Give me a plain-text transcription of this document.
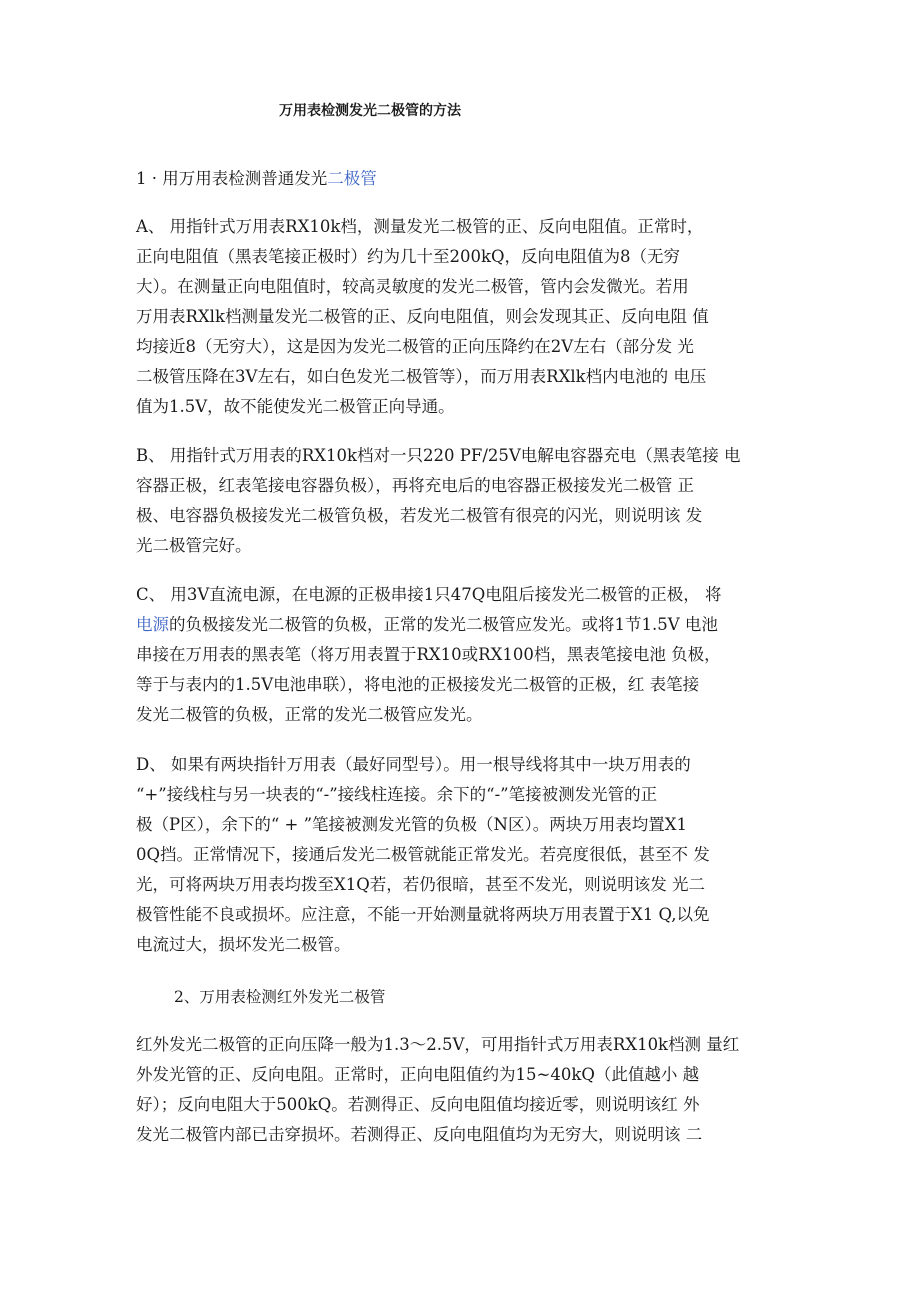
万用表检测发光二极管的方法
1 · 用万用表检测普通发光二极管
A、 用指针式万用表RX10k档，测量发光二极管的正、反向电阻值。正常时，
正向电阻值（黑表笔接正极时）约为几十至200kQ，反向电阻值为8（无穷
大）。在测量正向电阻值时，较高灵敏度的发光二极管，管内会发微光。若用
万用表RXlk档测量发光二极管的正、反向电阻值，则会发现其正、反向电阻 值
均接近8（无穷大），这是因为发光二极管的正向压降约在2V左右（部分发 光
二极管压降在3V左右，如白色发光二极管等），而万用表RXlk档内电池的 电压
值为1.5V，故不能使发光二极管正向导通。
B、 用指针式万用表的RX10k档对一只220 PF/25V电解电容器充电（黑表笔接 电
容器正极，红表笔接电容器负极），再将充电后的电容器正极接发光二极管 正
极、电容器负极接发光二极管负极，若发光二极管有很亮的闪光，则说明该 发
光二极管完好。
C、 用3V直流电源，在电源的正极串接1只47Q电阻后接发光二极管的正极， 将
电源的负极接发光二极管的负极，正常的发光二极管应发光。或将1节1.5V 电池
串接在万用表的黑表笔（将万用表置于RX10或RX100档，黑表笔接电池 负极，
等于与表内的1.5V电池串联），将电池的正极接发光二极管的正极，红 表笔接
发光二极管的负极，正常的发光二极管应发光。
D、 如果有两块指针万用表（最好同型号）。用一根导线将其中一块万用表的
“+”接线柱与另一块表的“-”接线柱连接。余下的“-”笔接被测发光管的正
极（P区），余下的“ + ”笔接被测发光管的负极（N区）。两块万用表均置X1
0Q挡。正常情况下，接通后发光二极管就能正常发光。若亮度很低，甚至不 发
光，可将两块万用表均拨至X1Q若，若仍很暗，甚至不发光，则说明该发 光二
极管性能不良或损坏。应注意，不能一开始测量就将两块万用表置于X1 Q,以免
电流过大，损坏发光二极管。
2、万用表检测红外发光二极管
红外发光二极管的正向压降一般为1.3～2.5V，可用指针式万用表RX10k档测 量红
外发光管的正、反向电阻。正常时，正向电阻值约为15~40kQ（此值越小 越
好）；反向电阻大于500kQ。若测得正、反向电阻值均接近零，则说明该红 外
发光二极管内部已击穿损坏。若测得正、反向电阻值均为无穷大，则说明该 二
